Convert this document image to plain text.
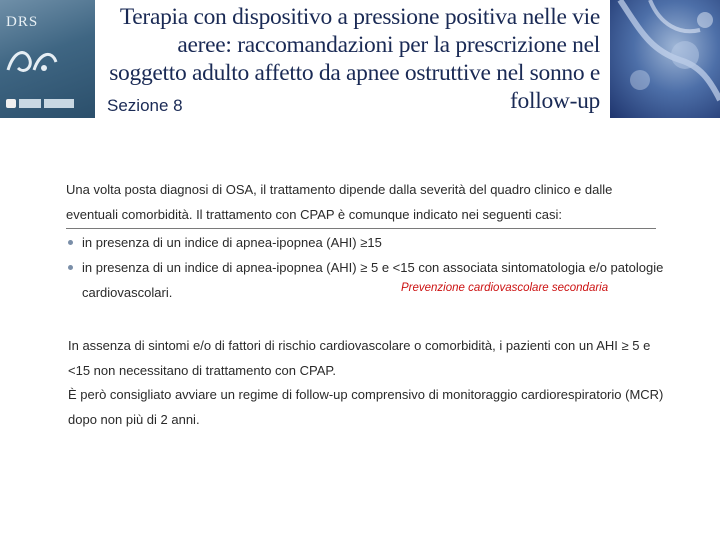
DRS	Terapia con dispositivo a pressione positiva nelle vie aeree: raccomandazioni per la prescrizione nel soggetto adulto affetto da apnee ostruttive nel sonno e follow-up
Sezione 8

Una volta posta diagnosi di OSA, il trattamento dipende dalla severità del quadro clinico e dalle eventuali comorbidità. Il trattamento con CPAP è comunque indicato nei seguenti casi:

in presenza di un indice di apnea-ipopnea (AHI) ≥15
in presenza di un indice di apnea-ipopnea (AHI) ≥ 5 e <15 con associata sintomatologia e/o patologie cardiovascolari.	Prevenzione cardiovascolare secondaria
In assenza di sintomi e/o di fattori di rischio cardiovascolare o comorbidità, i pazienti con un AHI ≥ 5 e <15 non necessitano di trattamento con CPAP.
È però consigliato avviare un regime di follow-up comprensivo di monitoraggio cardiorespiratorio (MCR) dopo non più di 2 anni.
